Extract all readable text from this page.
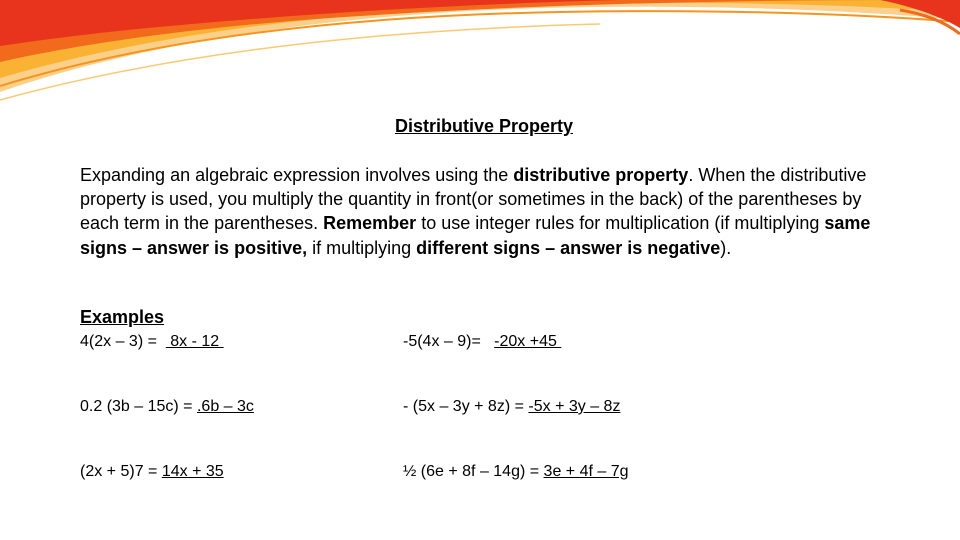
Distributive Property
Expanding an algebraic expression involves using the distributive property. When the distributive property is used, you multiply the quantity in front(or sometimes in the back) of the parentheses by each term in the parentheses. Remember to use integer rules for multiplication (if multiplying same signs – answer is positive, if multiplying different signs – answer is negative).
Examples
4(2x – 3) =   8x - 12	-5(4x – 9)=   -20x +45
0.2 (3b – 15c) = .6b – 3c	- (5x – 3y + 8z) = -5x + 3y – 8z
(2x + 5)7 = 14x + 35	½ (6e + 8f – 14g) = 3e + 4f – 7g
